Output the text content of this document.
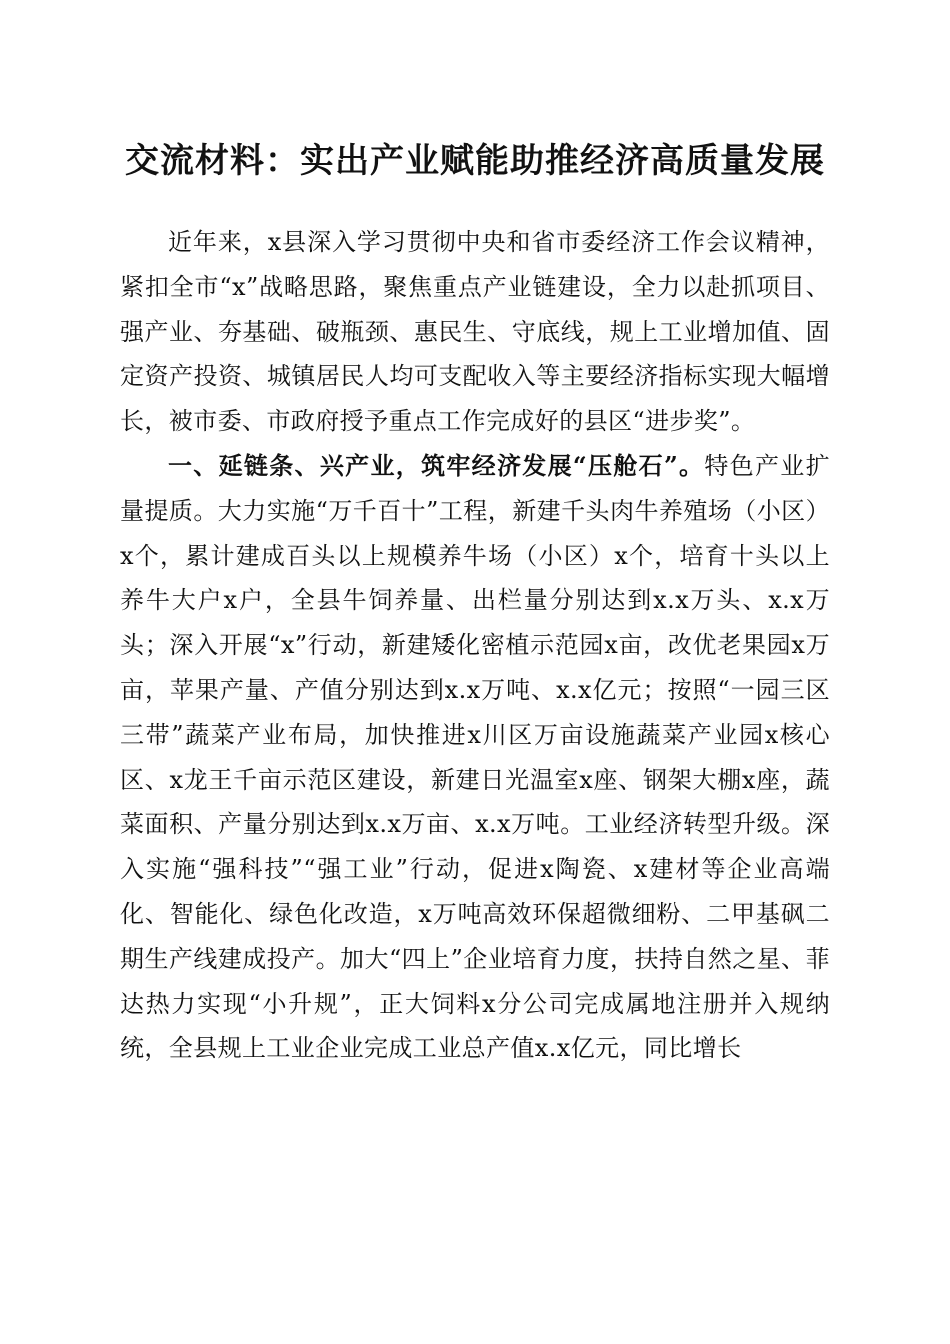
交流材料：实出产业赋能助推经济高质量发展

近年来，x县深入学习贯彻中央和省市委经济工作会议精神，紧扣全市“x”战略思路，聚焦重点产业链建设，全力以赴抓项目、强产业、夯基础、破瓶颈、惠民生、守底线，规上工业增加值、固定资产投资、城镇居民人均可支配收入等主要经济指标实现大幅增长，被市委、市政府授予重点工作完成好的县区“进步奖”。

一、延链条、兴产业，筑牢经济发展“压舱石”。特色产业扩量提质。大力实施“万千百十”工程，新建千头肉牛养殖场（小区）x个，累计建成百头以上规模养牛场（小区）x个，培育十头以上养牛大户x户，全县牛饲养量、出栏量分别达到x.x万头、x.x万头；深入开展“x”行动，新建矮化密植示范园x亩，改优老果园x万亩，苹果产量、产值分别达到x.x万吨、x.x亿元；按照“一园三区三带”蔬菜产业布局，加快推进x川区万亩设施蔬菜产业园x核心区、x龙王千亩示范区建设，新建日光温室x座、钢架大棚x座，蔬菜面积、产量分别达到x.x万亩、x.x万吨。工业经济转型升级。深入实施“强科技”“强工业”行动，促进x陶瓷、x建材等企业高端化、智能化、绿色化改造，x万吨高效环保超微细粉、二甲基砜二期生产线建成投产。加大“四上”企业培育力度，扶持自然之星、菲达热力实现“小升规”，正大饲料x分公司完成属地注册并入规纳统，全县规上工业企业完成工业总产值x.x亿元，同比增长
